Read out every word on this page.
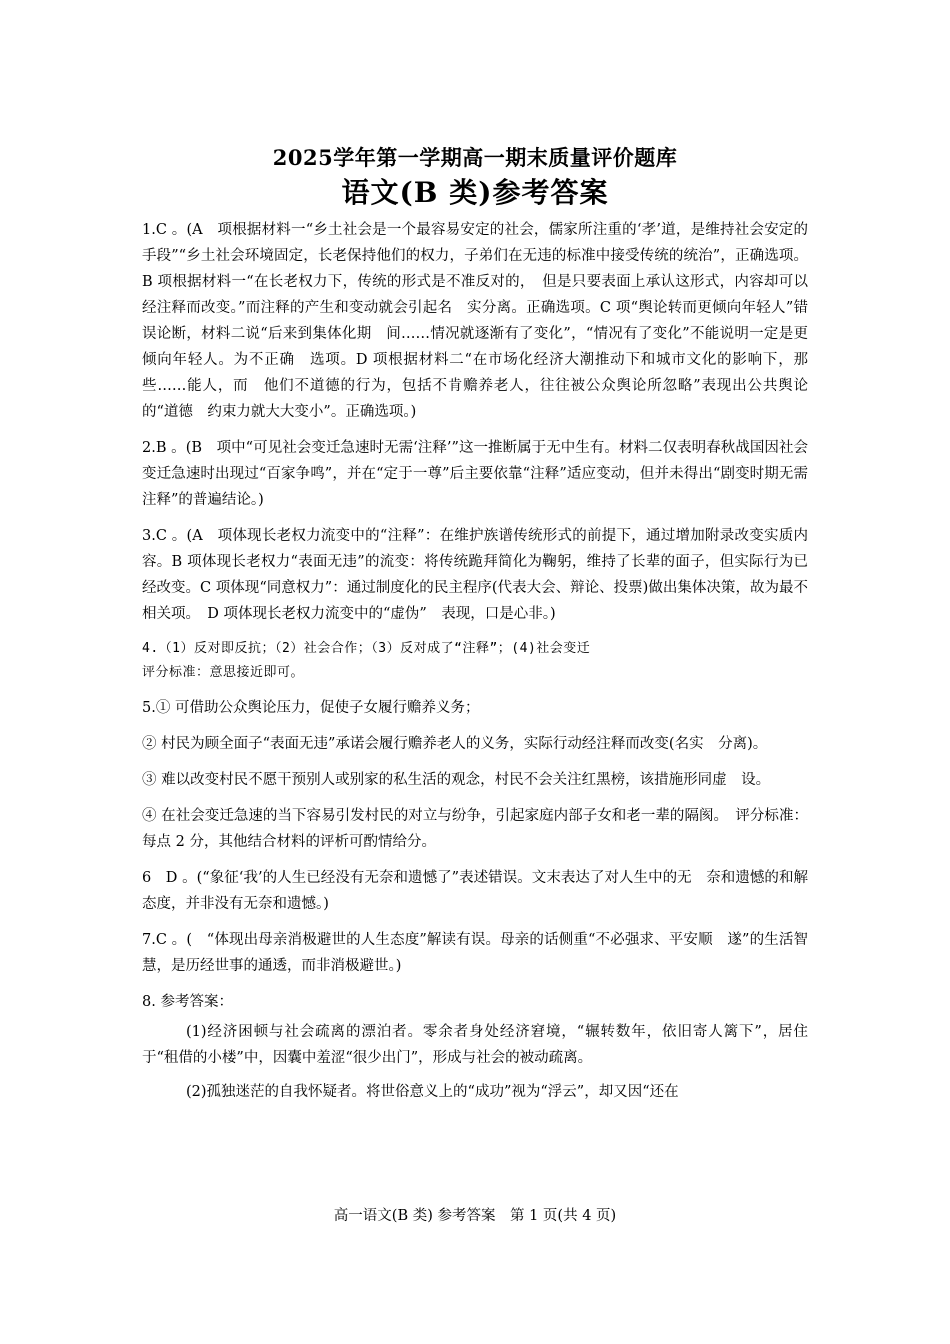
2025学年第一学期高一期末质量评价题库
语文(B 类)参考答案

1.C 。(A　项根据材料一“乡土社会是一个最容易安定的社会，儒家所注重的‘孝’道，是维持社会安定的手段”“乡土社会环境固定，长老保持他们的权力，子弟们在无违的标准中接受传统的统治”，正确选项。B 项根据材料一“在长老权力下，传统的形式是不准反对的，　但是只要表面上承认这形式，内容却可以经注释而改变。”而注释的产生和变动就会引起名　实分离。正确选项。C 项“舆论转而更倾向年轻人”错误论断，材料二说“后来到集体化期　间……情况就逐渐有了变化”，“情况有了变化”不能说明一定是更倾向年轻人。为不正确　选项。D 项根据材料二“在市场化经济大潮推动下和城市文化的影响下，那些……能人，而　他们不道德的行为，包括不肯赡养老人，往往被公众舆论所忽略”表现出公共舆论的“道德　约束力就大大变小”。正确选项。)

2.B 。(B　项中“可见社会变迁急速时无需‘注释’”这一推断属于无中生有。材料二仅表明春秋战国因社会变迁急速时出现过“百家争鸣”，并在“定于一尊”后主要依靠“注释”适应变动，但并未得出“剧变时期无需注释”的普遍结论。)

3.C 。(A　项体现长老权力流变中的“注释”：在维护族谱传统形式的前提下，通过增加附录改变实质内容。B 项体现长老权力“表面无违”的流变：将传统跪拜简化为鞠躬，维持了长辈的面子，但实际行为已经改变。C 项体现“同意权力”：通过制度化的民主程序(代表大会、辩论、投票)做出集体决策，故为最不相关项。　D 项体现长老权力流变中的“虚伪”　表现，口是心非。)

4.（1）反对即反抗；（2）社会合作；（3）反对成了“注释”；(4)社会变迁

评分标准：意思接近即可。

5.① 可借助公众舆论压力，促使子女履行赡养义务；

② 村民为顾全面子“表面无违”承诺会履行赡养老人的义务，实际行动经注释而改变(名实　分离)。

③ 难以改变村民不愿干预别人或别家的私生活的观念，村民不会关注红黑榜，该措施形同虚　设。

④ 在社会变迁急速的当下容易引发村民的对立与纷争，引起家庭内部子女和老一辈的隔阂。　评分标准：每点 2 分，其他结合材料的评析可酌情给分。

6　D 。(“象征‘我’的人生已经没有无奈和遗憾了”表述错误。文末表达了对人生中的无　奈和遗憾的和解态度，并非没有无奈和遗憾。)

7.C 。(　“体现出母亲消极避世的人生态度”解读有误。母亲的话侧重“不必强求、平安顺　遂”的生活智慧，是历经世事的通透，而非消极避世。)

8. 参考答案：

(1)经济困顿与社会疏离的漂泊者。零余者身处经济窘境，“辗转数年，依旧寄人篱下”，居住于“租借的小楼”中，因囊中羞涩“很少出门”，形成与社会的被动疏离。

(2)孤独迷茫的自我怀疑者。将世俗意义上的“成功”视为“浮云”，却又因“还在

高一语文(B 类) 参考答案　第 1 页(共 4 页)
